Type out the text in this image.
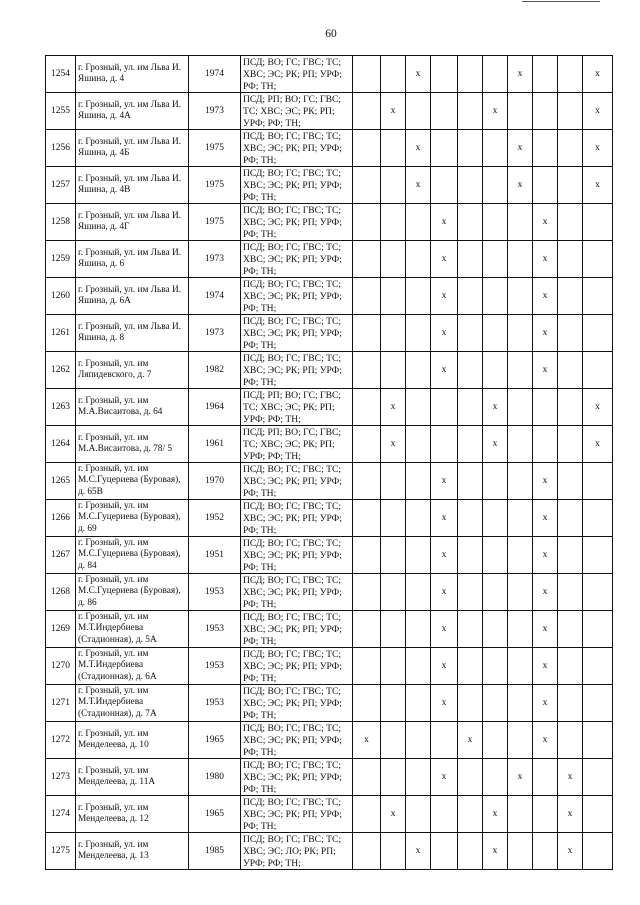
60
1254	г. Грозный, ул. им Льва И.
Яшина, д. 4	1974	ПСД; ВО; ГС; ГВС; ТС;
ХВС; ЭС; РК; РП; УРФ;
РФ; ТН;			х				х			х
1255	г. Грозный, ул. им Льва И.
Яшина, д. 4А	1973	ПСД; РП; ВО; ГС; ГВС;
ТС; ХВС; ЭС; РК; РП;
УРФ; РФ; ТН;		х				х				х
1256	г. Грозный, ул. им Льва И.
Яшина, д. 4Б	1975	ПСД; ВО; ГС; ГВС; ТС;
ХВС; ЭС; РК; РП; УРФ;
РФ; ТН;			х				х			х
1257	г. Грозный, ул. им Льва И.
Яшина, д. 4В	1975	ПСД; ВО; ГС; ГВС; ТС;
ХВС; ЭС; РК; РП; УРФ;
РФ; ТН;			х				х			х
1258	г. Грозный, ул. им Льва И.
Яшина, д. 4Г	1975	ПСД; ВО; ГС; ГВС; ТС;
ХВС; ЭС; РК; РП; УРФ;
РФ; ТН;				х				х		
1259	г. Грозный, ул. им Льва И.
Яшина, д. 6	1973	ПСД; ВО; ГС; ГВС; ТС;
ХВС; ЭС; РК; РП; УРФ;
РФ; ТН;				х				х		
1260	г. Грозный, ул. им Льва И.
Яшина, д. 6А	1974	ПСД; ВО; ГС; ГВС; ТС;
ХВС; ЭС; РК; РП; УРФ;
РФ; ТН;				х				х		
1261	г. Грозный, ул. им Льва И.
Яшина, д. 8	1973	ПСД; ВО; ГС; ГВС; ТС;
ХВС; ЭС; РК; РП; УРФ;
РФ; ТН;				х				х		
1262	г. Грозный, ул. им
Ляпидевского, д. 7	1982	ПСД; ВО; ГС; ГВС; ТС;
ХВС; ЭС; РК; РП; УРФ;
РФ; ТН;				х				х		
1263	г. Грозный, ул. им
М.А.Висаитова, д. 64	1964	ПСД; РП; ВО; ГС; ГВС;
ТС; ХВС; ЭС; РК; РП;
УРФ; РФ; ТН;		х				х				х
1264	г. Грозный, ул. им
М.А.Висаитова, д. 78/ 5	1961	ПСД; РП; ВО; ГС; ГВС;
ТС; ХВС; ЭС; РК; РП;
УРФ; РФ; ТН;		х				х				х
1265	г. Грозный, ул. им
М.С.Гуцериева (Буровая),
д. 65В	1970	ПСД; ВО; ГС; ГВС; ТС;
ХВС; ЭС; РК; РП; УРФ;
РФ; ТН;				х				х		
1266	г. Грозный, ул. им
М.С.Гуцериева (Буровая),
д. 69	1952	ПСД; ВО; ГС; ГВС; ТС;
ХВС; ЭС; РК; РП; УРФ;
РФ; ТН;				х				х		
1267	г. Грозный, ул. им
М.С.Гуцериева (Буровая),
д. 84	1951	ПСД; ВО; ГС; ГВС; ТС;
ХВС; ЭС; РК; РП; УРФ;
РФ; ТН;				х				х		
1268	г. Грозный, ул. им
М.С.Гуцериева (Буровая),
д. 86	1953	ПСД; ВО; ГС; ГВС; ТС;
ХВС; ЭС; РК; РП; УРФ;
РФ; ТН;				х				х		
1269	г. Грозный, ул. им
М.Т.Индербиева
(Стадионная), д. 5А	1953	ПСД; ВО; ГС; ГВС; ТС;
ХВС; ЭС; РК; РП; УРФ;
РФ; ТН;				х				х		
1270	г. Грозный, ул. им
М.Т.Индербиева
(Стадионная), д. 6А	1953	ПСД; ВО; ГС; ГВС; ТС;
ХВС; ЭС; РК; РП; УРФ;
РФ; ТН;				х				х		
1271	г. Грозный, ул. им
М.Т.Индербиева
(Стадионная), д. 7А	1953	ПСД; ВО; ГС; ГВС; ТС;
ХВС; ЭС; РК; РП; УРФ;
РФ; ТН;				х				х		
1272	г. Грозный, ул. им
Менделеева, д. 10	1965	ПСД; ВО; ГС; ГВС; ТС;
ХВС; ЭС; РК; РП; УРФ;
РФ; ТН;	х				х			х		
1273	г. Грозный, ул. им
Менделеева, д. 11А	1980	ПСД; ВО; ГС; ГВС; ТС;
ХВС; ЭС; РК; РП; УРФ;
РФ; ТН;				х			х		х	
1274	г. Грозный, ул. им
Менделеева, д. 12	1965	ПСД; ВО; ГС; ГВС; ТС;
ХВС; ЭС; РК; РП; УРФ;
РФ; ТН;		х				х			х	
1275	г. Грозный, ул. им
Менделеева, д. 13	1985	ПСД; ВО; ГС; ГВС; ТС;
ХВС; ЭС; ЛО; РК; РП;
УРФ; РФ; ТН;			х			х			х	
